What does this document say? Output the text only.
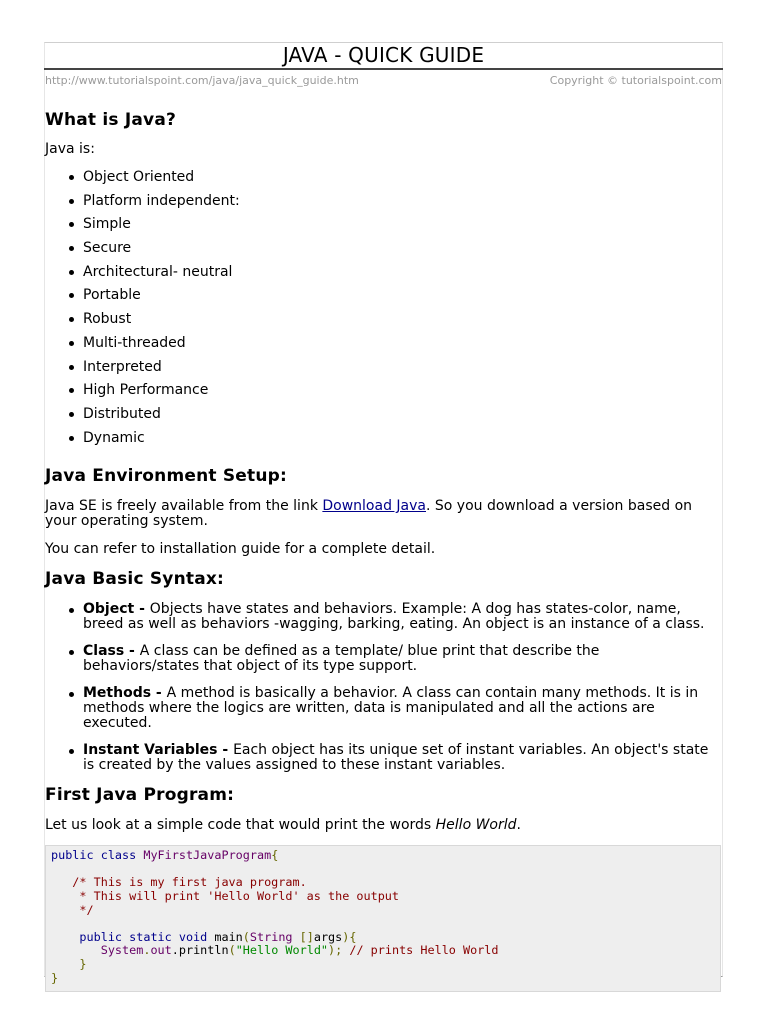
JAVA - QUICK GUIDE
http://www.tutorialspoint.com/java/java_quick_guide.htm	Copyright © tutorialspoint.com
What is Java?

Java is:

Object Oriented
Platform independent:
Simple
Secure
Architectural- neutral
Portable
Robust
Multi-threaded
Interpreted
High Performance
Distributed
Dynamic
Java Environment Setup:

Java SE is freely available from the link Download Java. So you download a version based on your operating system.

You can refer to installation guide for a complete detail.

Java Basic Syntax:
Object - Objects have states and behaviors. Example: A dog has states-color, name, breed as well as behaviors -wagging, barking, eating. An object is an instance of a class.
Class - A class can be defined as a template/ blue print that describe the behaviors/states that object of its type support.
Methods - A method is basically a behavior. A class can contain many methods. It is in methods where the logics are written, data is manipulated and all the actions are executed.
Instant Variables - Each object has its unique set of instant variables. An object's state is created by the values assigned to these instant variables.
First Java Program:

Let us look at a simple code that would print the words Hello World.

public class MyFirstJavaProgram{
/* This is my first java program.
* This will print 'Hello World' as the output
*/
public static void main(String []args){
System.out.println("Hello World"); // prints Hello World
}
}
